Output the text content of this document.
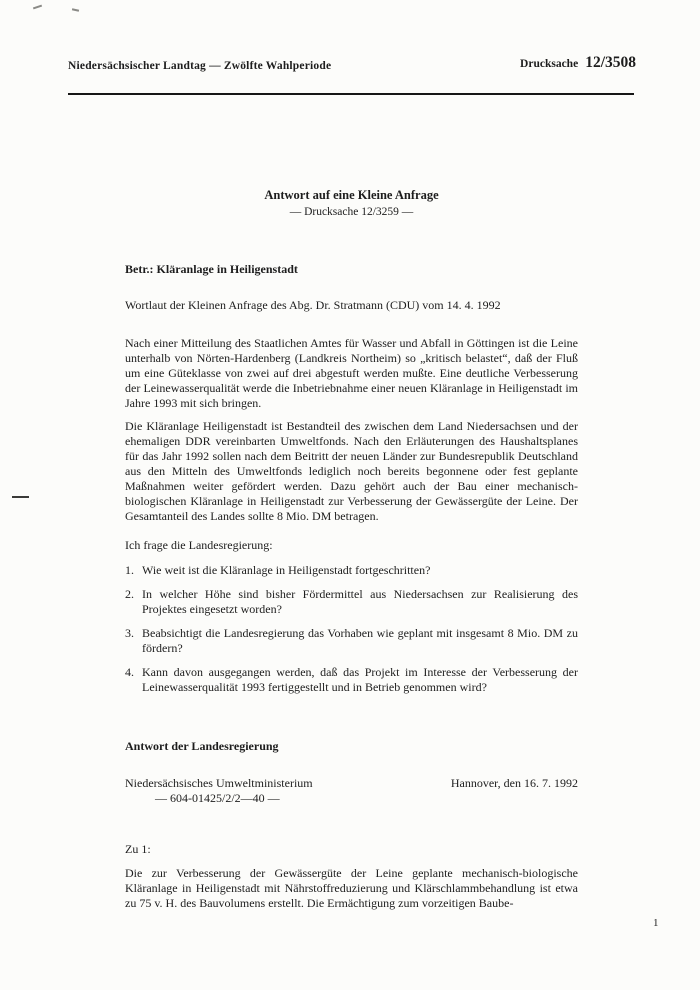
Niedersächsischer Landtag — Zwölfte Wahlperiode	Drucksache 12/3508
Antwort auf eine Kleine Anfrage
— Drucksache 12/3259 —
Betr.: Kläranlage in Heiligenstadt
Wortlaut der Kleinen Anfrage des Abg. Dr. Stratmann (CDU) vom 14. 4. 1992
Nach einer Mitteilung des Staatlichen Amtes für Wasser und Abfall in Göttingen ist die Leine unterhalb von Nörten-Hardenberg (Landkreis Northeim) so „kritisch belastet“, daß der Fluß um eine Güteklasse von zwei auf drei abgestuft werden mußte. Eine deutliche Verbesserung der Leinewasserqualität werde die Inbetriebnahme einer neuen Kläranlage in Heiligenstadt im Jahre 1993 mit sich bringen.
Die Kläranlage Heiligenstadt ist Bestandteil des zwischen dem Land Niedersachsen und der ehemaligen DDR vereinbarten Umweltfonds. Nach den Erläuterungen des Haushaltsplanes für das Jahr 1992 sollen nach dem Beitritt der neuen Länder zur Bundesrepublik Deutschland aus den Mitteln des Umweltfonds lediglich noch bereits begonnene oder fest geplante Maßnahmen weiter gefördert werden. Dazu gehört auch der Bau einer mechanisch-biologischen Kläranlage in Heiligenstadt zur Verbesserung der Gewässergüte der Leine. Der Gesamtanteil des Landes sollte 8 Mio. DM betragen.
Ich frage die Landesregierung:
1. Wie weit ist die Kläranlage in Heiligenstadt fortgeschritten?
2. In welcher Höhe sind bisher Fördermittel aus Niedersachsen zur Realisierung des Projektes eingesetzt worden?
3. Beabsichtigt die Landesregierung das Vorhaben wie geplant mit insgesamt 8 Mio. DM zu fördern?
4. Kann davon ausgegangen werden, daß das Projekt im Interesse der Verbesserung der Leinewasserqualität 1993 fertiggestellt und in Betrieb genommen wird?
Antwort der Landesregierung
Niedersächsisches Umweltministerium	Hannover, den 16. 7. 1992
— 604-01425/2/2—40 —
Zu 1:
Die zur Verbesserung der Gewässergüte der Leine geplante mechanisch-biologische Kläranlage in Heiligenstadt mit Nährstoffreduzierung und Klärschlammbehandlung ist etwa zu 75 v. H. des Bauvolumens erstellt. Die Ermächtigung zum vorzeitigen Baube-
1
